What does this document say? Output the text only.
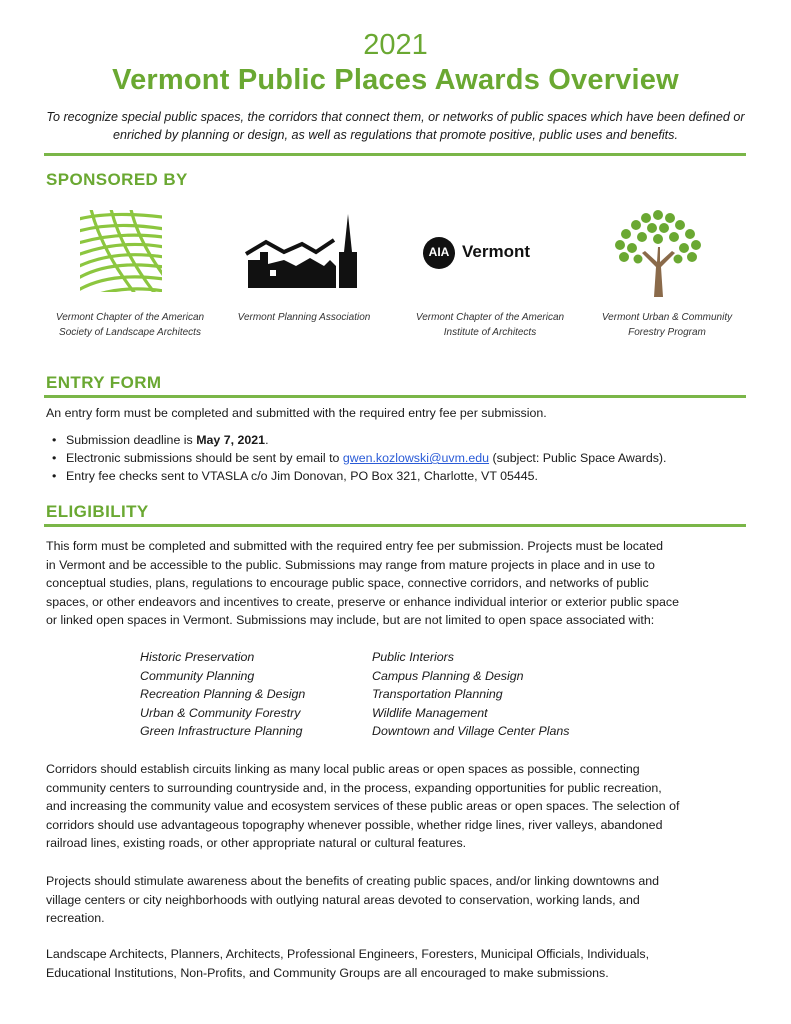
2021
Vermont Public Places Awards Overview
To recognize special public spaces, the corridors that connect them, or networks of public spaces which have been defined or enriched by planning or design, as well as regulations that promote positive, public uses and benefits.
SPONSORED BY
AIA Vermont
Vermont Chapter of the American
Society of Landscape Architects
Vermont Planning Association	Vermont Chapter of the American
Institute of Architects
Vermont Urban & Community
Forestry Program
ENTRY FORM
An entry form must be completed and submitted with the required entry fee per submission.
• Submission deadline is May 7, 2021.
• Electronic submissions should be sent by email to gwen.kozlowski@uvm.edu (subject: Public Space Awards).
• Entry fee checks sent to VTASLA c/o Jim Donovan, PO Box 321, Charlotte, VT 05445.
ELIGIBILITY
This form must be completed and submitted with the required entry fee per submission. Projects must be located
in Vermont and be accessible to the public. Submissions may range from mature projects in place and in use to
conceptual studies, plans, regulations to encourage public space, connective corridors, and networks of public
spaces, or other endeavors and incentives to create, preserve or enhance individual interior or exterior public space
or linked open spaces in Vermont. Submissions may include, but are not limited to open space associated with:
Historic Preservation
Community Planning
Recreation Planning & Design
Urban & Community Forestry
Green Infrastructure Planning
Public Interiors
Campus Planning & Design
Transportation Planning
Wildlife Management
Downtown and Village Center Plans
Corridors should establish circuits linking as many local public areas or open spaces as possible, connecting
community centers to surrounding countryside and, in the process, expanding opportunities for public recreation,
and increasing the community value and ecosystem services of these public areas or open spaces. The selection of
corridors should use advantageous topography whenever possible, whether ridge lines, river valleys, abandoned
railroad lines, existing roads, or other appropriate natural or cultural features.
Projects should stimulate awareness about the benefits of creating public spaces, and/or linking downtowns and
village centers or city neighborhoods with outlying natural areas devoted to conservation, working lands, and
recreation.
Landscape Architects, Planners, Architects, Professional Engineers, Foresters, Municipal Officials, Individuals,
Educational Institutions, Non-Profits, and Community Groups are all encouraged to make submissions.
